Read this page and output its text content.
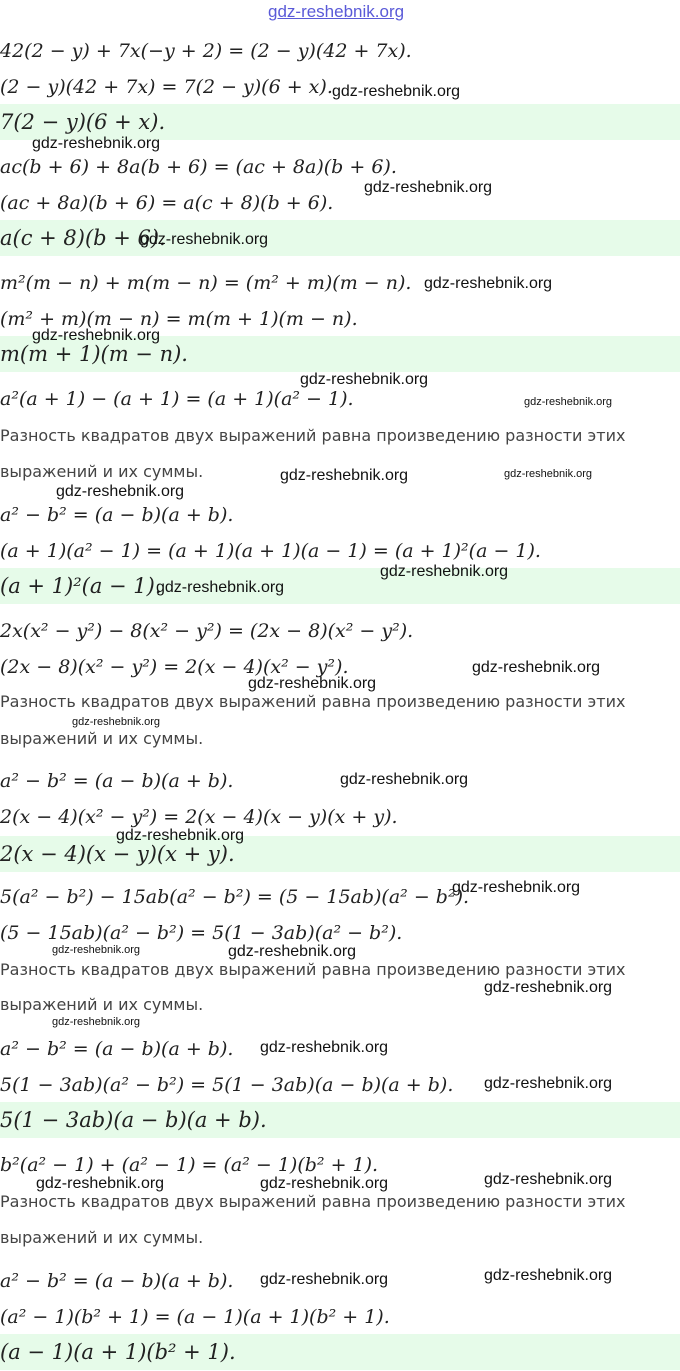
42(2 − y) + 7x(−y + 2) = (2 − y)(42 + 7x).
(2 − y)(42 + 7x) = 7(2 − y)(6 + x).
7(2 − y)(6 + x).
ac(b + 6) + 8a(b + 6) = (ac + 8a)(b + 6).
(ac + 8a)(b + 6) = a(c + 8)(b + 6).
a(c + 8)(b + 6).
m²(m − n) + m(m − n) = (m² + m)(m − n).
(m² + m)(m − n) = m(m + 1)(m − n).
m(m + 1)(m − n).
a²(a + 1) − (a + 1) = (a + 1)(a² − 1).
Разность квадратов двух выражений равна произведению разности этих
выражений и их суммы.
a² − b² = (a − b)(a + b).
(a + 1)(a² − 1) = (a + 1)(a + 1)(a − 1) = (a + 1)²(a − 1).
(a + 1)²(a − 1).
2x(x² − y²) − 8(x² − y²) = (2x − 8)(x² − y²).
(2x − 8)(x² − y²) = 2(x − 4)(x² − y²).
Разность квадратов двух выражений равна произведению разности этих
выражений и их суммы.
a² − b² = (a − b)(a + b).
2(x − 4)(x² − y²) = 2(x − 4)(x − y)(x + y).
2(x − 4)(x − y)(x + y).
5(a² − b²) − 15ab(a² − b²) = (5 − 15ab)(a² − b²).
(5 − 15ab)(a² − b²) = 5(1 − 3ab)(a² − b²).
Разность квадратов двух выражений равна произведению разности этих
выражений и их суммы.
a² − b² = (a − b)(a + b).
5(1 − 3ab)(a² − b²) = 5(1 − 3ab)(a − b)(a + b).
5(1 − 3ab)(a − b)(a + b).
b²(a² − 1) + (a² − 1) = (a² − 1)(b² + 1).
Разность квадратов двух выражений равна произведению разности этих
выражений и их суммы.
a² − b² = (a − b)(a + b).
(a² − 1)(b² + 1) = (a − 1)(a + 1)(b² + 1).
(a − 1)(a + 1)(b² + 1).
gdz-reshebnik.org
gdz-reshebnik.org
gdz-reshebnik.org
gdz-reshebnik.org
gdz-reshebnik.org
gdz-reshebnik.org
gdz-reshebnik.org
gdz-reshebnik.org
gdz-reshebnik.org
gdz-reshebnik.org	gdz-reshebnik.org
gdz-reshebnik.org
gdz-reshebnik.org
gdz-reshebnik.org
gdz-reshebnik.org
gdz-reshebnik.org
gdz-reshebnik.org
gdz-reshebnik.org
gdz-reshebnik.org
gdz-reshebnik.org
gdz-reshebnik.org	gdz-reshebnik.org
gdz-reshebnik.org
gdz-reshebnik.org
gdz-reshebnik.org
gdz-reshebnik.org
gdz-reshebnik.org
gdz-reshebnik.org	gdz-reshebnik.org
gdz-reshebnik.org	gdz-reshebnik.org
